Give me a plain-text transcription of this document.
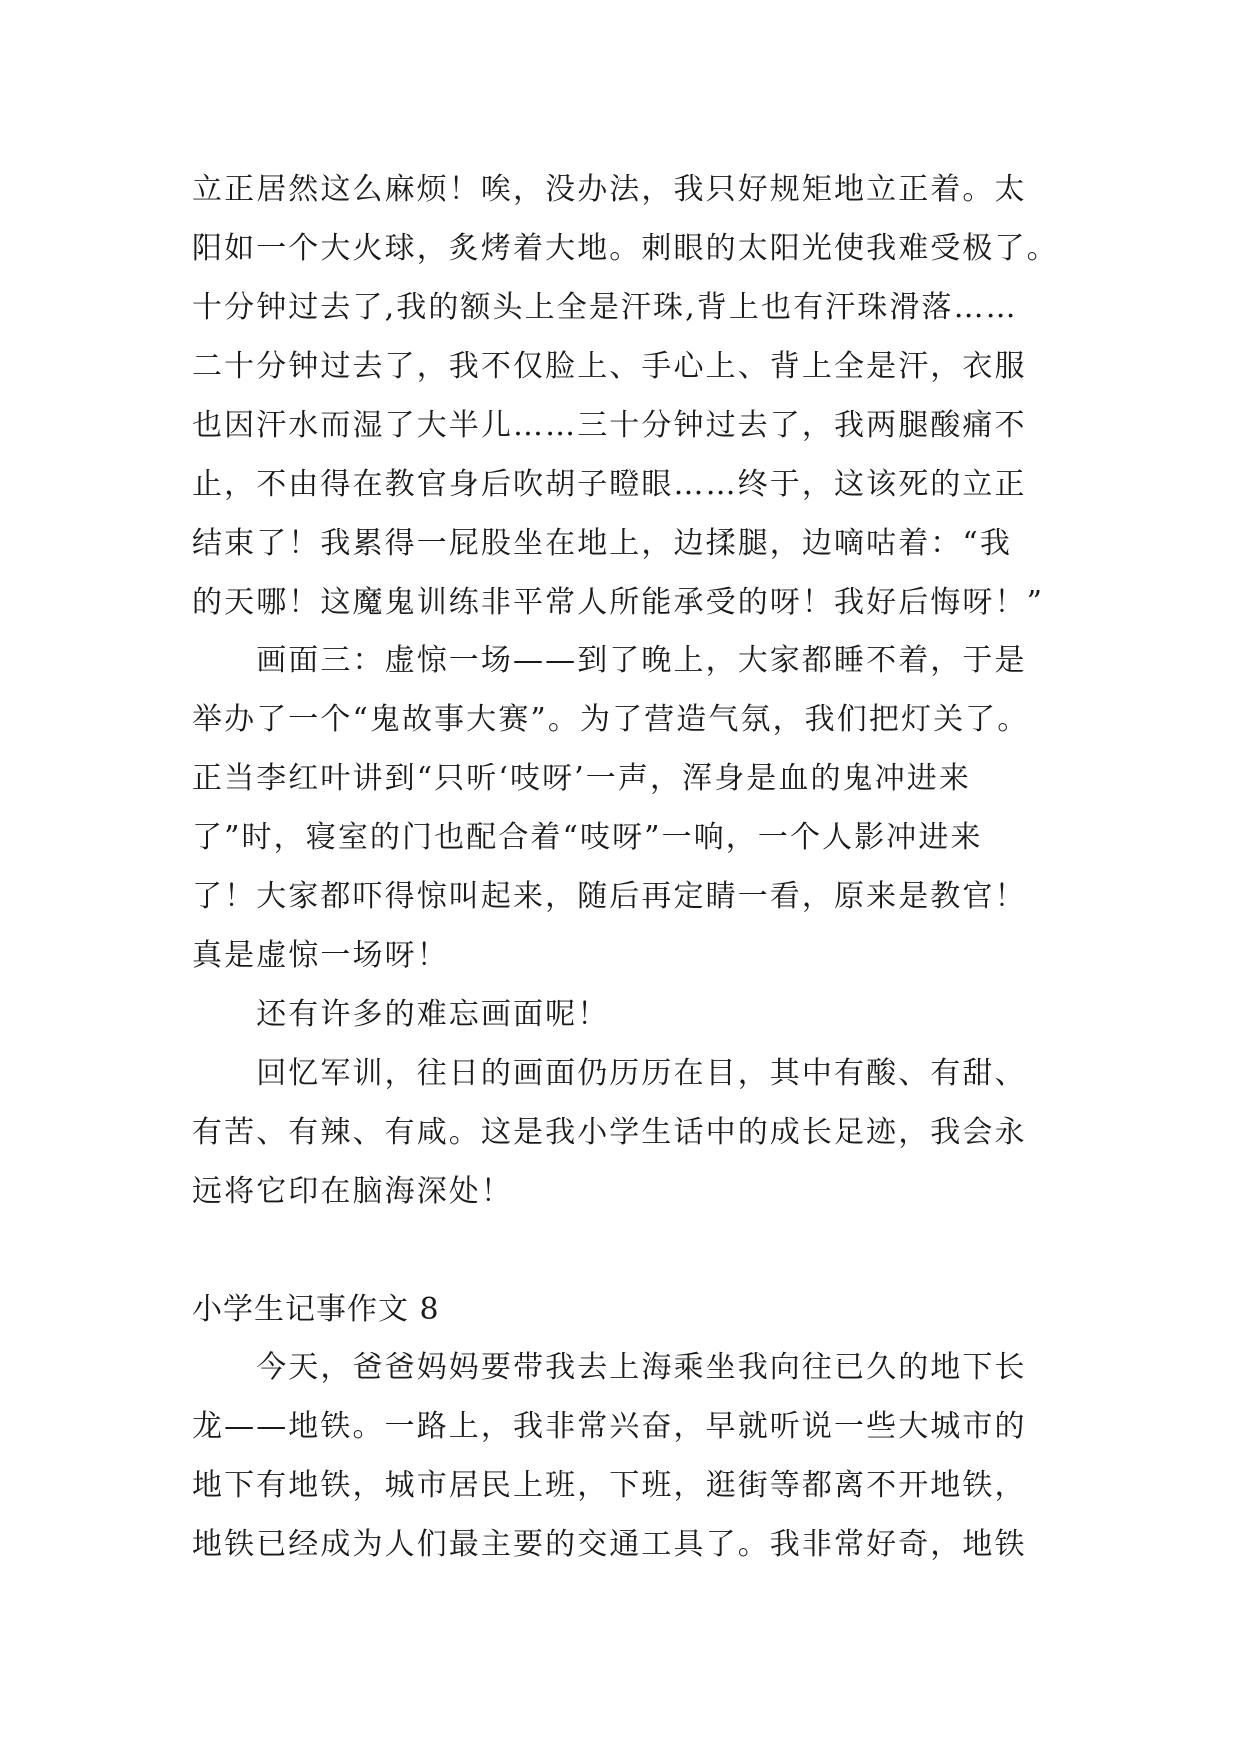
立正居然这么麻烦！唉，没办法，我只好规矩地立正着。太
阳如一个大火球，炙烤着大地。刺眼的太阳光使我难受极了。
十分钟过去了,我的额头上全是汗珠,背上也有汗珠滑落……
二十分钟过去了，我不仅脸上、手心上、背上全是汗，衣服
也因汗水而湿了大半儿……三十分钟过去了，我两腿酸痛不
止，不由得在教官身后吹胡子瞪眼……终于，这该死的立正
结束了！我累得一屁股坐在地上，边揉腿，边嘀咕着：“我
的天哪！这魔鬼训练非平常人所能承受的呀！我好后悔呀！”
　　画面三：虚惊一场——到了晚上，大家都睡不着，于是
举办了一个“鬼故事大赛”。为了营造气氛，我们把灯关了。
正当李红叶讲到“只听‘吱呀’一声，浑身是血的鬼冲进来
了”时，寝室的门也配合着“吱呀”一响，一个人影冲进来
了！大家都吓得惊叫起来，随后再定睛一看，原来是教官！
真是虚惊一场呀！
　　还有许多的难忘画面呢！
　　回忆军训，往日的画面仍历历在目，其中有酸、有甜、
有苦、有辣、有咸。这是我小学生话中的成长足迹，我会永
远将它印在脑海深处！
小学生记事作文 8
　　今天，爸爸妈妈要带我去上海乘坐我向往已久的地下长
龙——地铁。一路上，我非常兴奋，早就听说一些大城市的
地下有地铁，城市居民上班，下班，逛街等都离不开地铁，
地铁已经成为人们最主要的交通工具了。我非常好奇，地铁
